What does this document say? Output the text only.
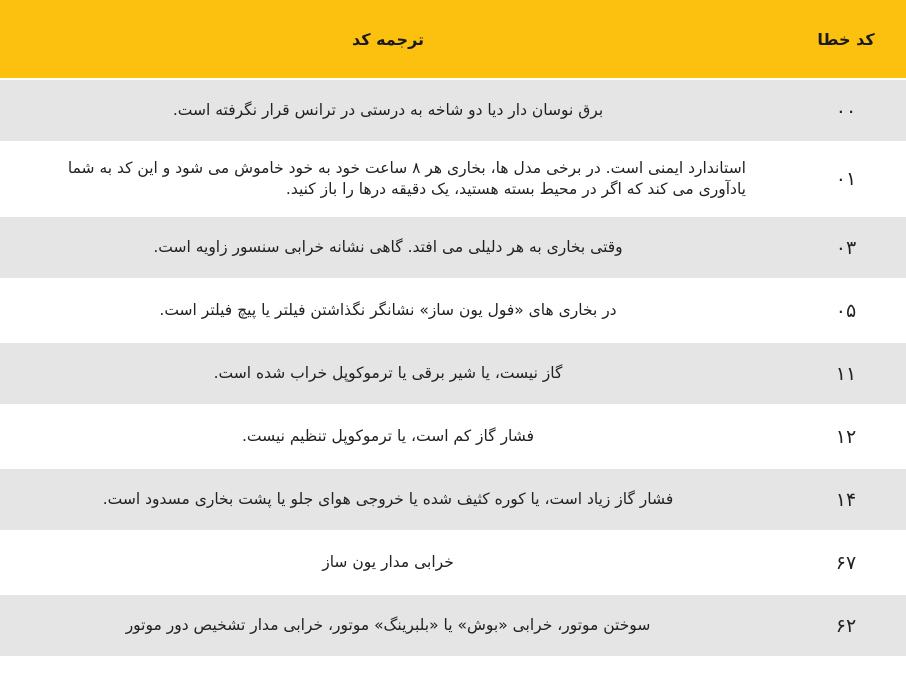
کد خطا
ترجمه کد
۰۰
برق نوسان دار دیا دو شاخه به درستی در ترانس قرار نگرفته است.
۰۱
استاندارد ایمنی است. در برخی مدل ها، بخاری هر ۸ ساعت خود به خود خاموش می شود و این کد به شما یادآوری می کند که اگر در محیط بسته هستید، یک دقیقه درها را باز کنید.
۰۳
وقتی بخاری به هر دلیلی می افتد. گاهی نشانه خرابی سنسور زاویه است.
۰۵
در بخاری های «فول یون ساز» نشانگر نگذاشتن فیلتر یا پیچ فیلتر است.
۱۱
گاز نیست، یا شیر برقی یا ترموکوپل خراب شده است.
۱۲
فشار گاز کم است، یا ترموکوپل تنظیم نیست.
۱۴
فشار گاز زیاد است، یا کوره کثیف شده یا خروجی هوای جلو یا پشت بخاری مسدود است.
۶۷
خرابی مدار یون ساز
۶۲
سوختن موتور، خرابی «بوش» یا «بلبرینگ» موتور، خرابی مدار تشخیص دور موتور
